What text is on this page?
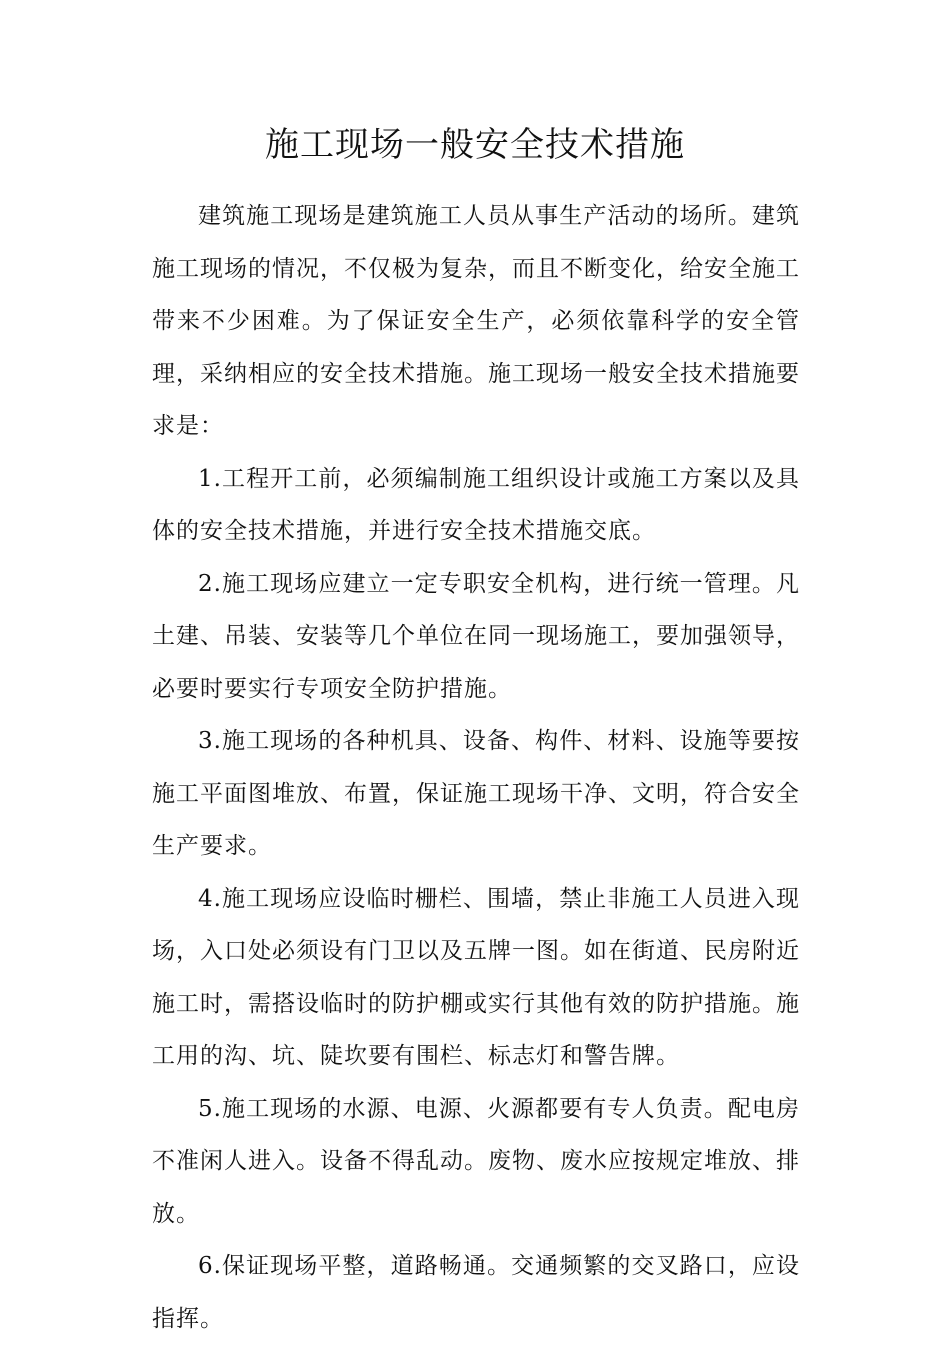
施工现场一般安全技术措施

建筑施工现场是建筑施工人员从事生产活动的场所。建筑施工现场的情况，不仅极为复杂，而且不断变化，给安全施工带来不少困难。为了保证安全生产，必须依靠科学的安全管理，采纳相应的安全技术措施。施工现场一般安全技术措施要求是：

1.工程开工前，必须编制施工组织设计或施工方案以及具体的安全技术措施，并进行安全技术措施交底。

2.施工现场应建立一定专职安全机构，进行统一管理。凡土建、吊装、安装等几个单位在同一现场施工，要加强领导，必要时要实行专项安全防护措施。

3.施工现场的各种机具、设备、构件、材料、设施等要按施工平面图堆放、布置，保证施工现场干净、文明，符合安全生产要求。

4.施工现场应设临时栅栏、围墙，禁止非施工人员进入现场，入口处必须设有门卫以及五牌一图。如在街道、民房附近施工时，需搭设临时的防护棚或实行其他有效的防护措施。施工用的沟、坑、陡坎要有围栏、标志灯和警告牌。

5.施工现场的水源、电源、火源都要有专人负责。配电房不准闲人进入。设备不得乱动。废物、废水应按规定堆放、排放。

6.保证现场平整，道路畅通。交通频繁的交叉路口，应设指挥。
